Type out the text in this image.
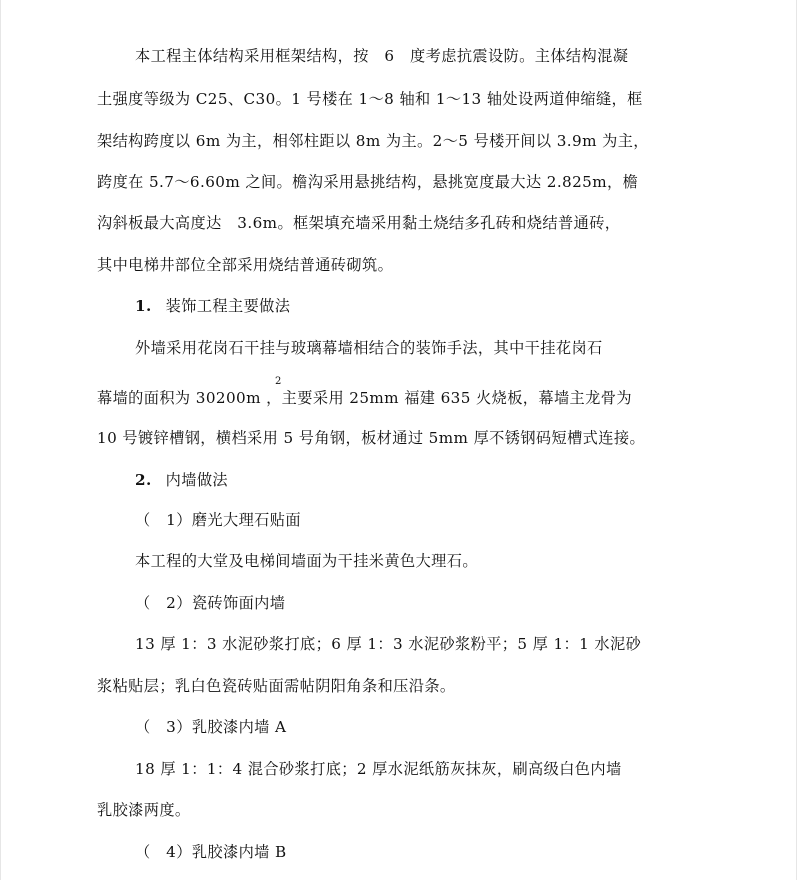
本工程主体结构采用框架结构，按　6　度考虑抗震设防。主体结构混凝
土强度等级为 C25、C30。1 号楼在 1～8 轴和 1～13 轴处设两道伸缩缝，框
架结构跨度以 6m 为主，相邻柱距以 8m 为主。2～5 号楼开间以 3.9m 为主，
跨度在 5.7～6.60m 之间。檐沟采用悬挑结构，悬挑宽度最大达 2.825m，檐
沟斜板最大高度达　3.6m。框架填充墙采用黏土烧结多孔砖和烧结普通砖，
其中电梯井部位全部采用烧结普通砖砌筑。
1. 装饰工程主要做法
外墙采用花岗石干挂与玻璃幕墙相结合的装饰手法，其中干挂花岗石
2
幕墙的面积为 30200m ，主要采用 25mm 福建 635 火烧板，幕墙主龙骨为
10 号镀锌槽钢，横档采用 5 号角钢，板材通过 5mm 厚不锈钢码短槽式连接。
2. 内墙做法
（　1）磨光大理石贴面
本工程的大堂及电梯间墙面为干挂米黄色大理石。
（　2）瓷砖饰面内墙
13 厚 1：3 水泥砂浆打底；6 厚 1：3 水泥砂浆粉平；5 厚 1：1 水泥砂
浆粘贴层；乳白色瓷砖贴面需帖阴阳角条和压沿条。
（　3）乳胶漆内墙 A
18 厚 1：1：4 混合砂浆打底；2 厚水泥纸筋灰抹灰，刷高级白色内墙
乳胶漆两度。
（　4）乳胶漆内墙 B
